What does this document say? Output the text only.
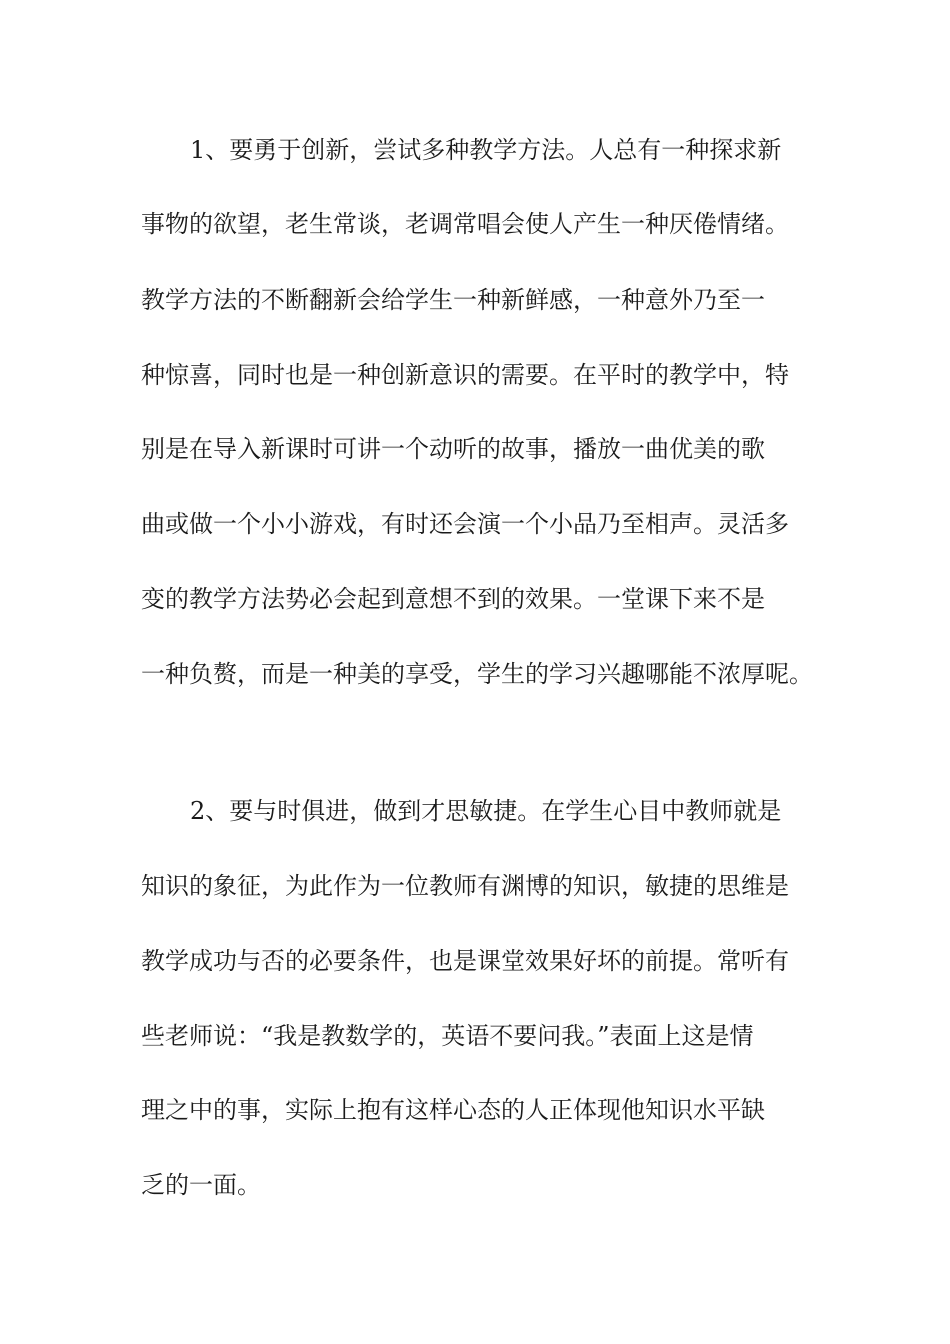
1、要勇于创新，尝试多种教学方法。人总有一种探求新

事物的欲望，老生常谈，老调常唱会使人产生一种厌倦情绪。

教学方法的不断翻新会给学生一种新鲜感，一种意外乃至一

种惊喜，同时也是一种创新意识的需要。在平时的教学中，特

别是在导入新课时可讲一个动听的故事，播放一曲优美的歌

曲或做一个小小游戏，有时还会演一个小品乃至相声。灵活多

变的教学方法势必会起到意想不到的效果。一堂课下来不是

一种负赘，而是一种美的享受，学生的学习兴趣哪能不浓厚呢。

2、要与时俱进，做到才思敏捷。在学生心目中教师就是

知识的象征，为此作为一位教师有渊博的知识，敏捷的思维是

教学成功与否的必要条件，也是课堂效果好坏的前提。常听有

些老师说：“我是教数学的，英语不要问我。”表面上这是情

理之中的事，实际上抱有这样心态的人正体现他知识水平缺

乏的一面。
